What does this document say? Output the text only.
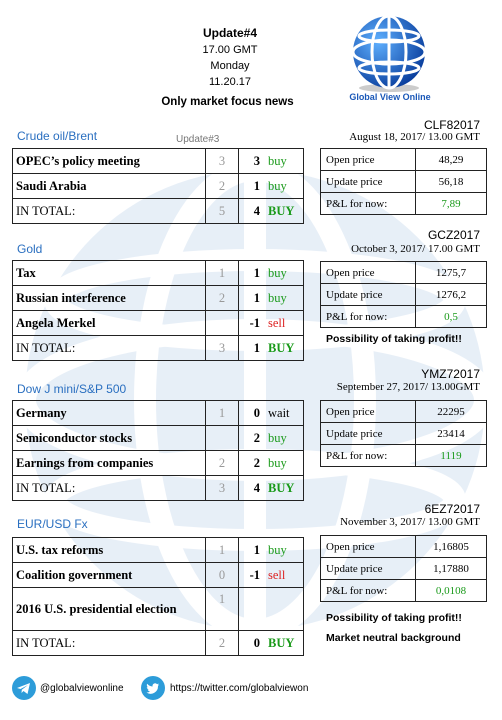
Update#4
17.00 GMT
Monday
11.20.17
Only market focus news	Global View Online
Crude oil/Brent	Update#3
OPEC’s policy meeting	3	3	buy
Saudi Arabia	2	1	buy
IN TOTAL:	5	4	BUY
CLF82017
August 18, 2017/ 13.00 GMT
Open price	48,29
Update price	56,18
P&L for now:	7,89
Gold
Tax	1	1	buy
Russian interference	2	1	buy
Angela Merkel		-1	sell
IN TOTAL:	3	1	BUY
GCZ2017
October 3, 2017/ 17.00 GMT
Open price	1275,7
Update price	1276,2
P&L for now:	0,5
Possibility of taking profit!!
Dow J mini/S&P 500
Germany	1	0	wait
Semiconductor stocks		2	buy
Earnings from companies	2	2	buy
IN TOTAL:	3	4	BUY
YMZ72017
September 27, 2017/ 13.00GMT
Open price	22295
Update price	23414
P&L for now:	1119
EUR/USD Fx
U.S. tax reforms	1	1	buy
Coalition government	0	-1	sell
2016 U.S. presidential election	1		
IN TOTAL:	2	0	BUY
6EZ72017
November 3, 2017/ 13.00 GMT
Open price	1,16805
Update price	1,17880
P&L for now:	0,0108
Possibility of taking profit!!
Market neutral background
@globalviewonline	https://twitter.com/globalviewon
